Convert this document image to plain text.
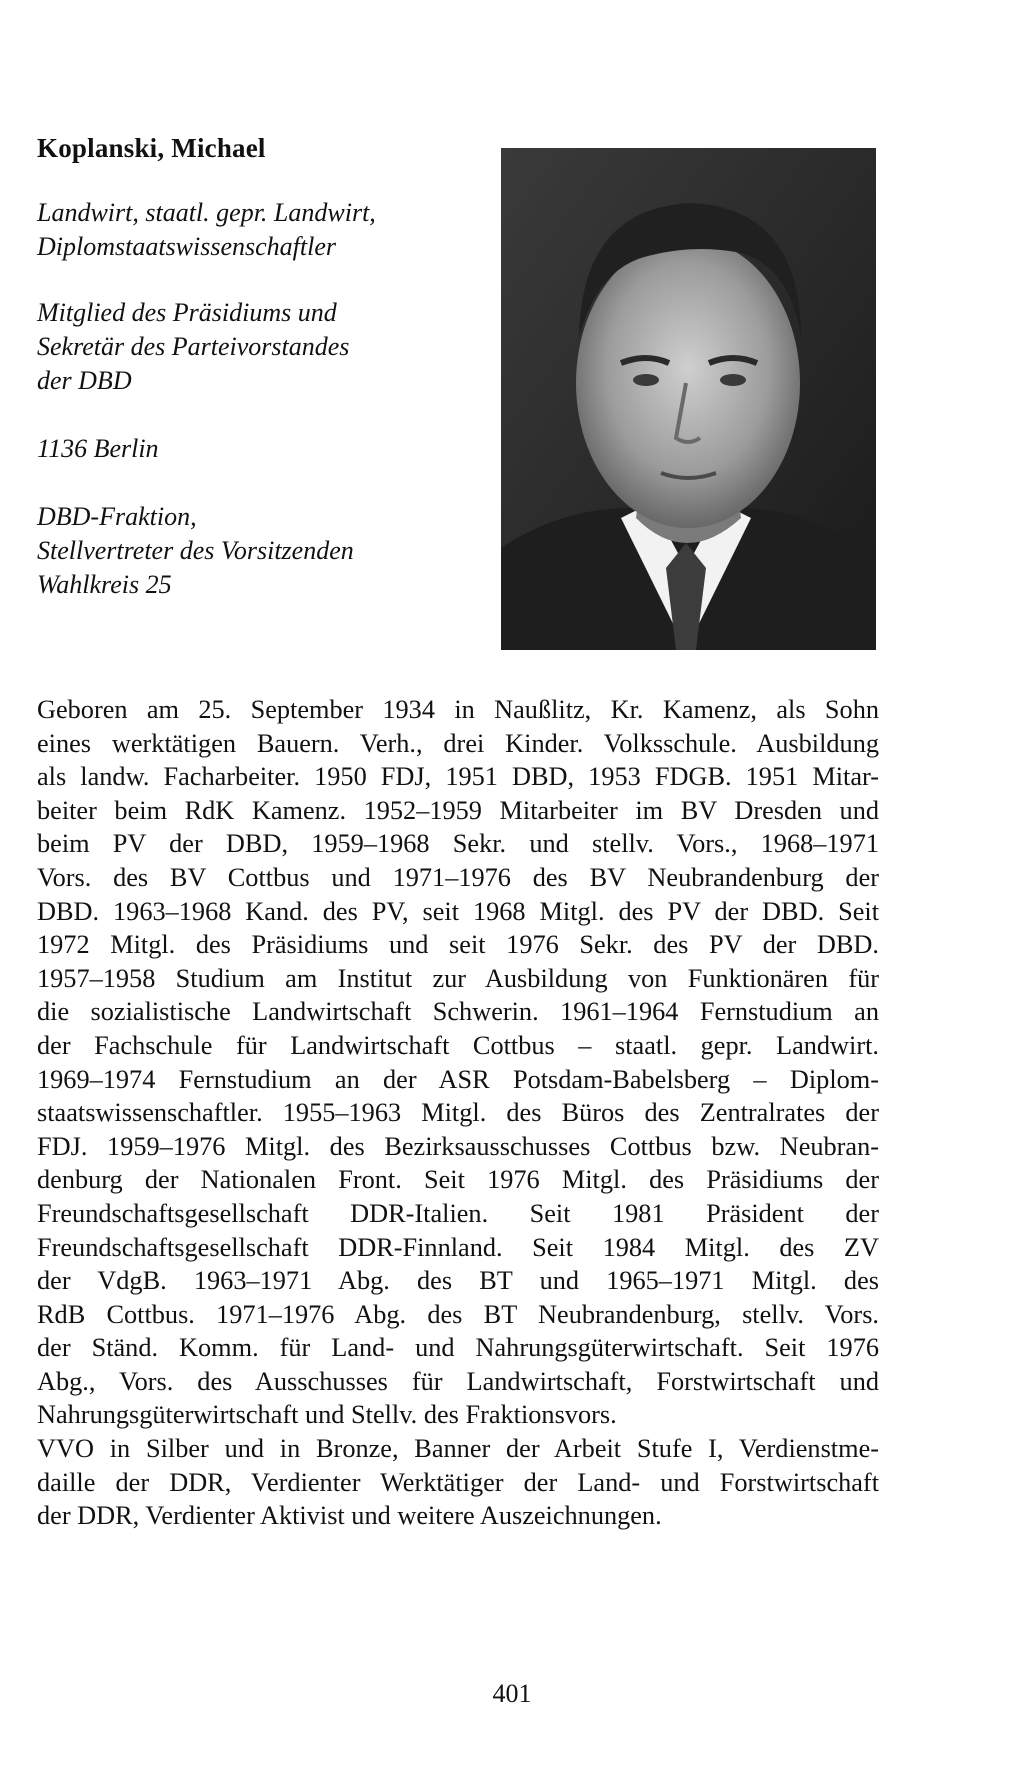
Koplanski, Michael
Landwirt, staatl. gepr. Landwirt,
Diplomstaatswissenschaftler
Mitglied des Präsidiums und
Sekretär des Parteivorstandes
der DBD
1136 Berlin
DBD-Fraktion,
Stellvertreter des Vorsitzenden
Wahlkreis 25
Geboren am 25. September 1934 in Naußlitz, Kr. Kamenz, als Sohn
eines werktätigen Bauern. Verh., drei Kinder. Volksschule. Ausbildung
als landw. Facharbeiter. 1950 FDJ, 1951 DBD, 1953 FDGB. 1951 Mitar-
beiter beim RdK Kamenz. 1952–1959 Mitarbeiter im BV Dresden und
beim PV der DBD, 1959–1968 Sekr. und stellv. Vors., 1968–1971
Vors. des BV Cottbus und 1971–1976 des BV Neubrandenburg der
DBD. 1963–1968 Kand. des PV, seit 1968 Mitgl. des PV der DBD. Seit
1972 Mitgl. des Präsidiums und seit 1976 Sekr. des PV der DBD.
1957–1958 Studium am Institut zur Ausbildung von Funktionären für
die sozialistische Landwirtschaft Schwerin. 1961–1964 Fernstudium an
der Fachschule für Landwirtschaft Cottbus – staatl. gepr. Landwirt.
1969–1974 Fernstudium an der ASR Potsdam-Babelsberg – Diplom-
staatswissenschaftler. 1955–1963 Mitgl. des Büros des Zentralrates der
FDJ. 1959–1976 Mitgl. des Bezirksausschusses Cottbus bzw. Neubran-
denburg der Nationalen Front. Seit 1976 Mitgl. des Präsidiums der
Freundschaftsgesellschaft DDR-Italien. Seit 1981 Präsident der
Freundschaftsgesellschaft DDR-Finnland. Seit 1984 Mitgl. des ZV
der VdgB. 1963–1971 Abg. des BT und 1965–1971 Mitgl. des
RdB Cottbus. 1971–1976 Abg. des BT Neubrandenburg, stellv. Vors.
der Ständ. Komm. für Land- und Nahrungsgüterwirtschaft. Seit 1976
Abg., Vors. des Ausschusses für Landwirtschaft, Forstwirtschaft und
Nahrungsgüterwirtschaft und Stellv. des Fraktionsvors.
VVO in Silber und in Bronze, Banner der Arbeit Stufe I, Verdienstme-
daille der DDR, Verdienter Werktätiger der Land- und Forstwirtschaft
der DDR, Verdienter Aktivist und weitere Auszeichnungen.
401
